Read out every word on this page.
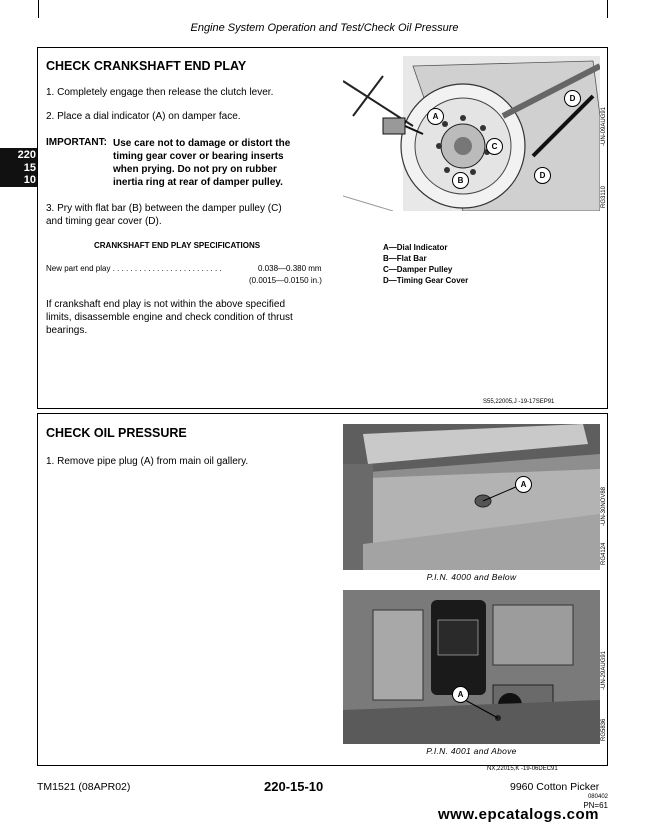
Engine System Operation and Test/Check Oil Pressure
220
15
10
CHECK CRANKSHAFT END PLAY
1. Completely engage then release the clutch lever.
2. Place a dial indicator (A) on damper face.
IMPORTANT: Use care not to damage or distort the
timing gear cover or bearing inserts
when prying. Do not pry on rubber
inertia ring at rear of damper pulley.
3. Pry with flat bar (B) between the damper pulley (C)
and timing gear cover (D).
CRANKSHAFT END PLAY SPECIFICATIONS
New part end play . . . . . . . . . . . . . . . . . . . . . . . . .	0.038—0.380 mm
(0.0015—0.0150 in.)
If crankshaft end play is not within the above specified
limits, disassemble engine and check condition of thrust
bearings.
A
B
C
D
D
-UN-09AUG91
RG3110
A—Dial Indicator
B—Flat Bar
C—Damper Pulley
D—Timing Gear Cover
S55,22005,J -19-17SEP91
CHECK OIL PRESSURE
1. Remove pipe plug (A) from main oil gallery.
A
-UN-30NOV88
RG4124
P.I.N. 4000 and Below
A
-UN-29AUG91
RG5836
P.I.N. 4001 and Above
NX,22015,K -19-06DEC91
TM1521 (08APR02)	220-15-10	9960 Cotton Picker
080402
PN=61
www.epcatalogs.com
